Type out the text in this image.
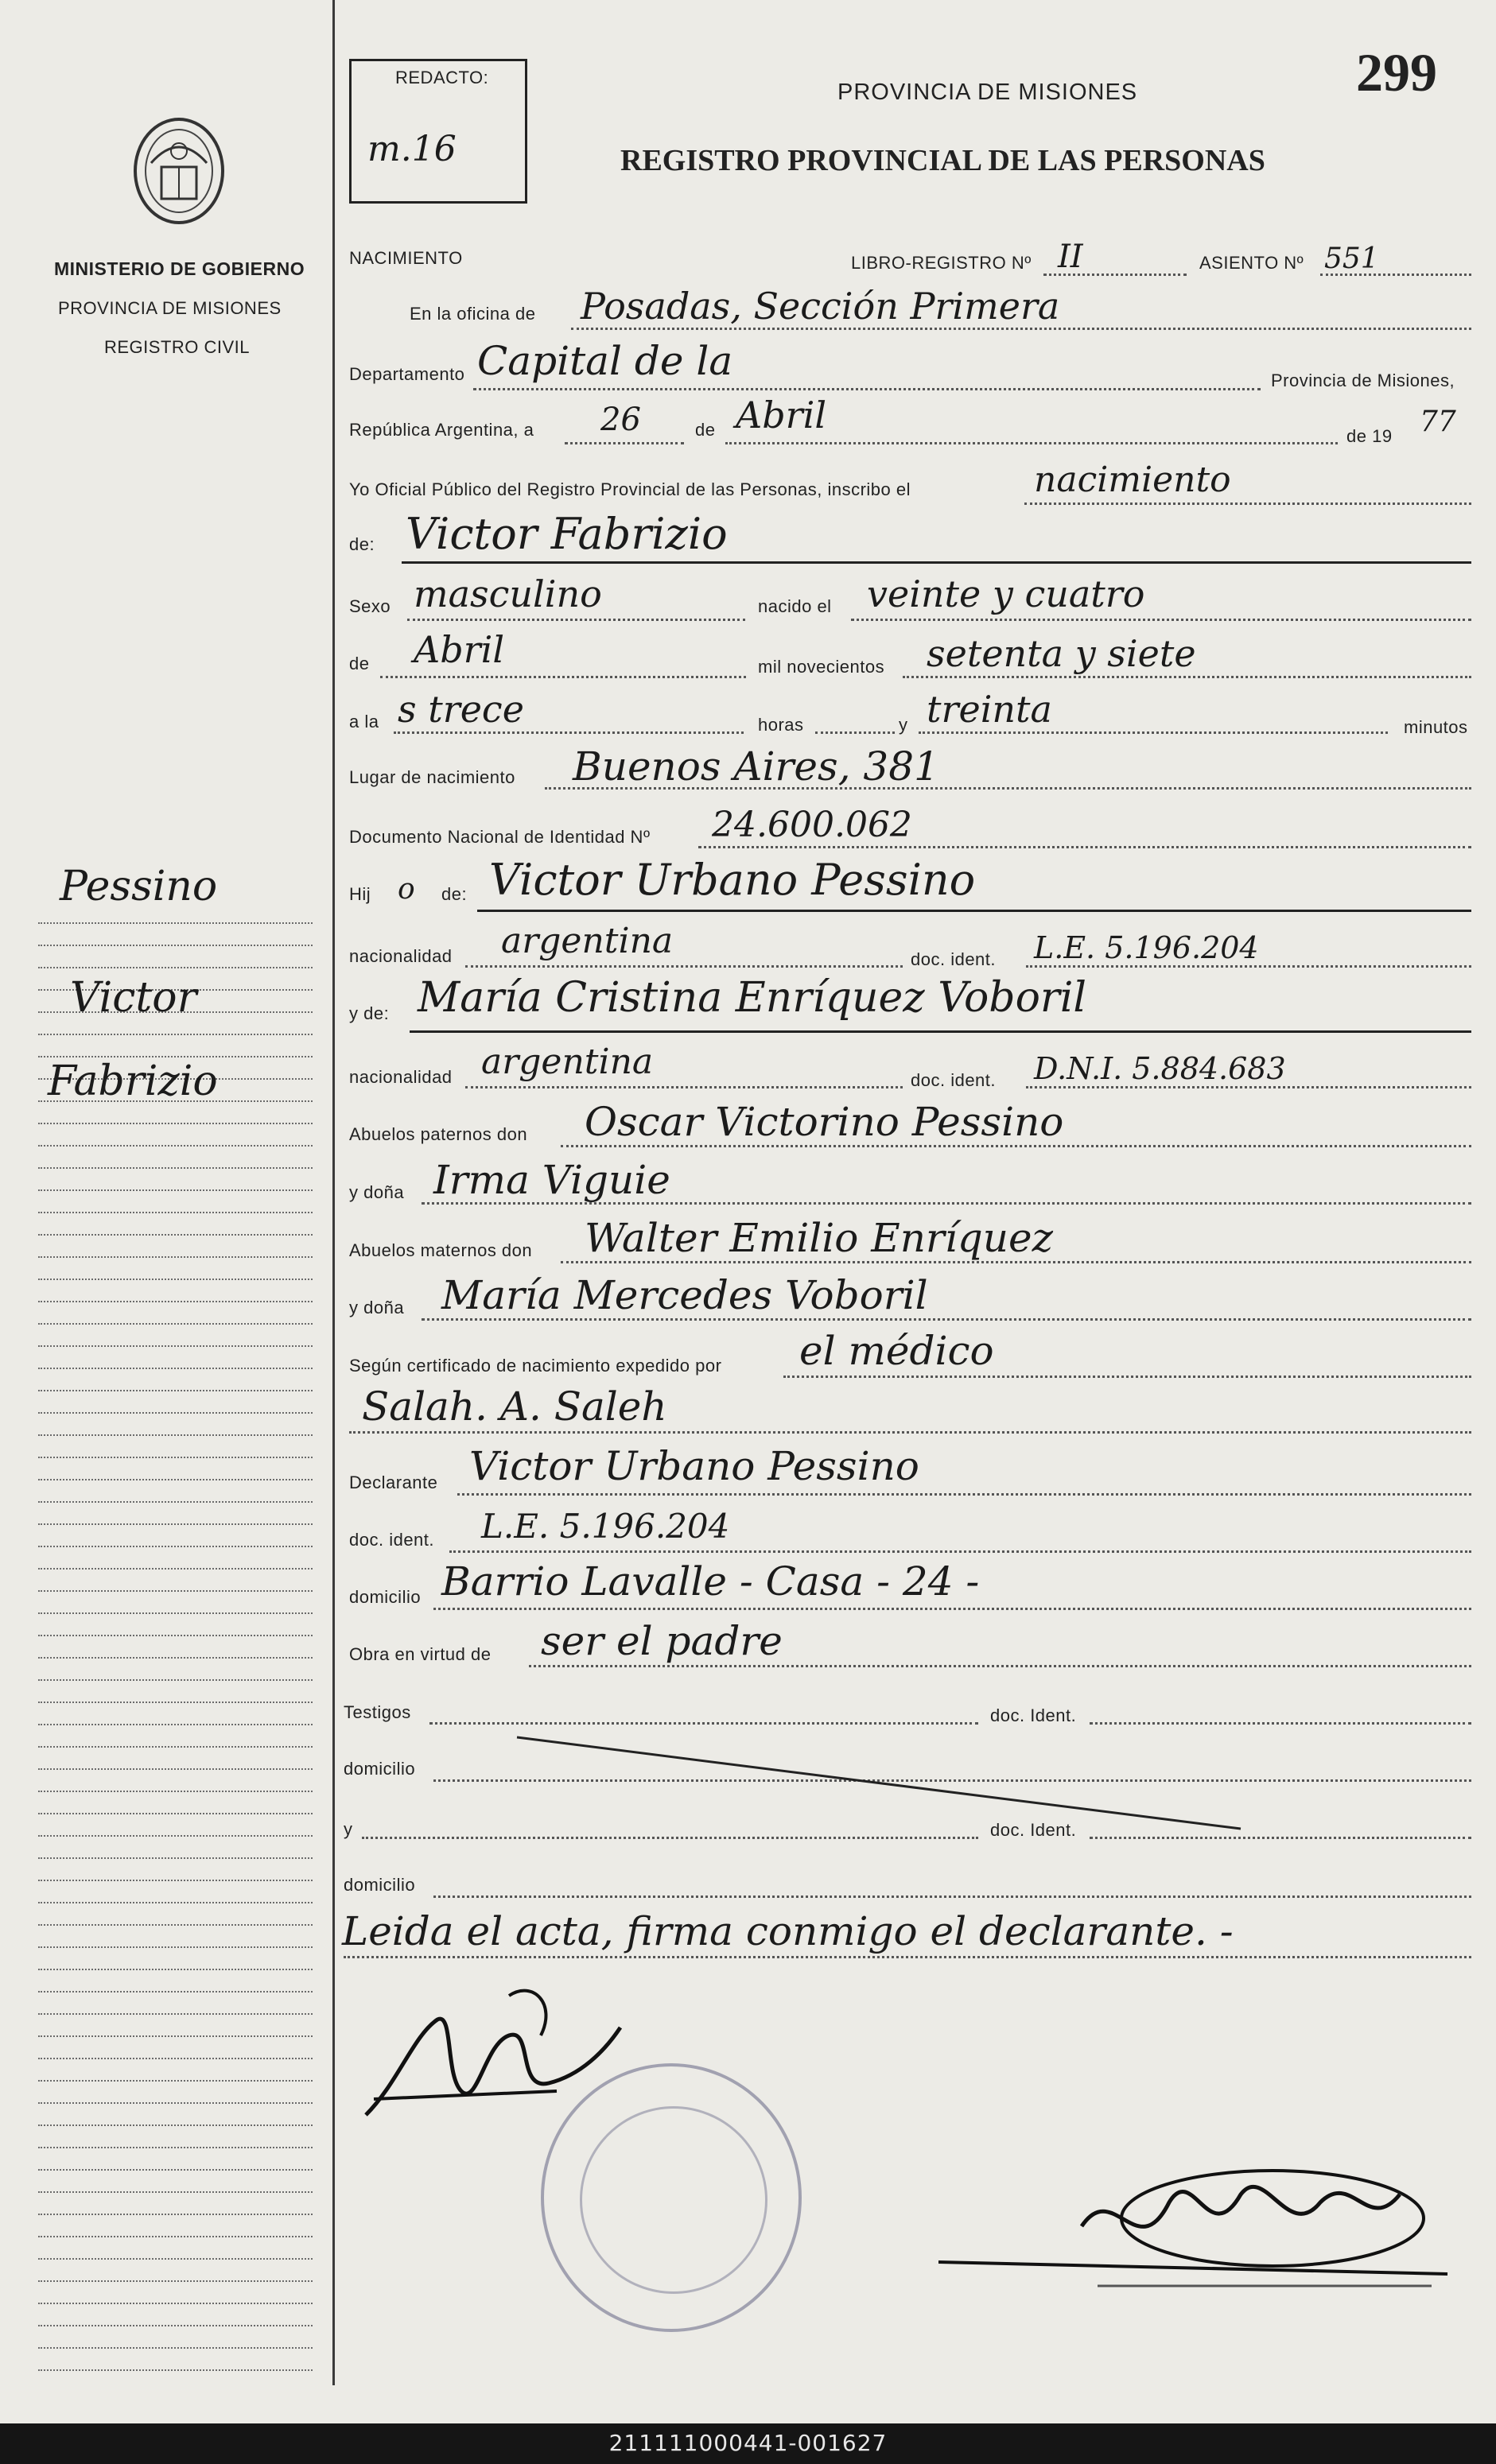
MINISTERIO DE GOBIERNO
PROVINCIA DE MISIONES
REGISTRO CIVIL
Pessino
Victor
Fabrizio
REDACTO:
m.16
PROVINCIA DE MISIONES
REGISTRO PROVINCIAL DE LAS PERSONAS
299
NACIMIENTO	LIBRO-REGISTRO Nº II	ASIENTO Nº 551
En la oficina de Posadas, Sección Primera
Departamento Capital de la	Provincia de Misiones,
República Argentina, a 26	de Abril	de 19 77
Yo Oficial Público del Registro Provincial de las Personas, inscribo el	nacimiento
de: Victor Fabrizio
Sexo masculino	nacido el veinte y cuatro
de Abril	mil novecientos setenta y siete
a la s trece	horas	y treinta	minutos
Lugar de nacimiento Buenos Aires, 381
Documento Nacional de Identidad Nº 24.600.062
Hij o de: Victor Urbano Pessino
nacionalidad argentina	doc. ident. L.E. 5.196.204
y de: María Cristina Enríquez Voboril
nacionalidad argentina	doc. ident. D.N.I. 5.884.683
Abuelos paternos don Oscar Victorino Pessino
y doña Irma Viguie
Abuelos maternos don Walter Emilio Enríquez
y doña María Mercedes Voboril
Según certificado de nacimiento expedido por el médico
Salah. A. Saleh
Declarante Victor Urbano Pessino
doc. ident. L.E. 5.196.204
domicilio Barrio Lavalle - Casa - 24 -
Obra en virtud de ser el padre
Testigos	doc. Ident.
domicilio
y	doc. Ident.
domicilio
Leida el acta, firma conmigo el declarante. -
211111000441-001627
